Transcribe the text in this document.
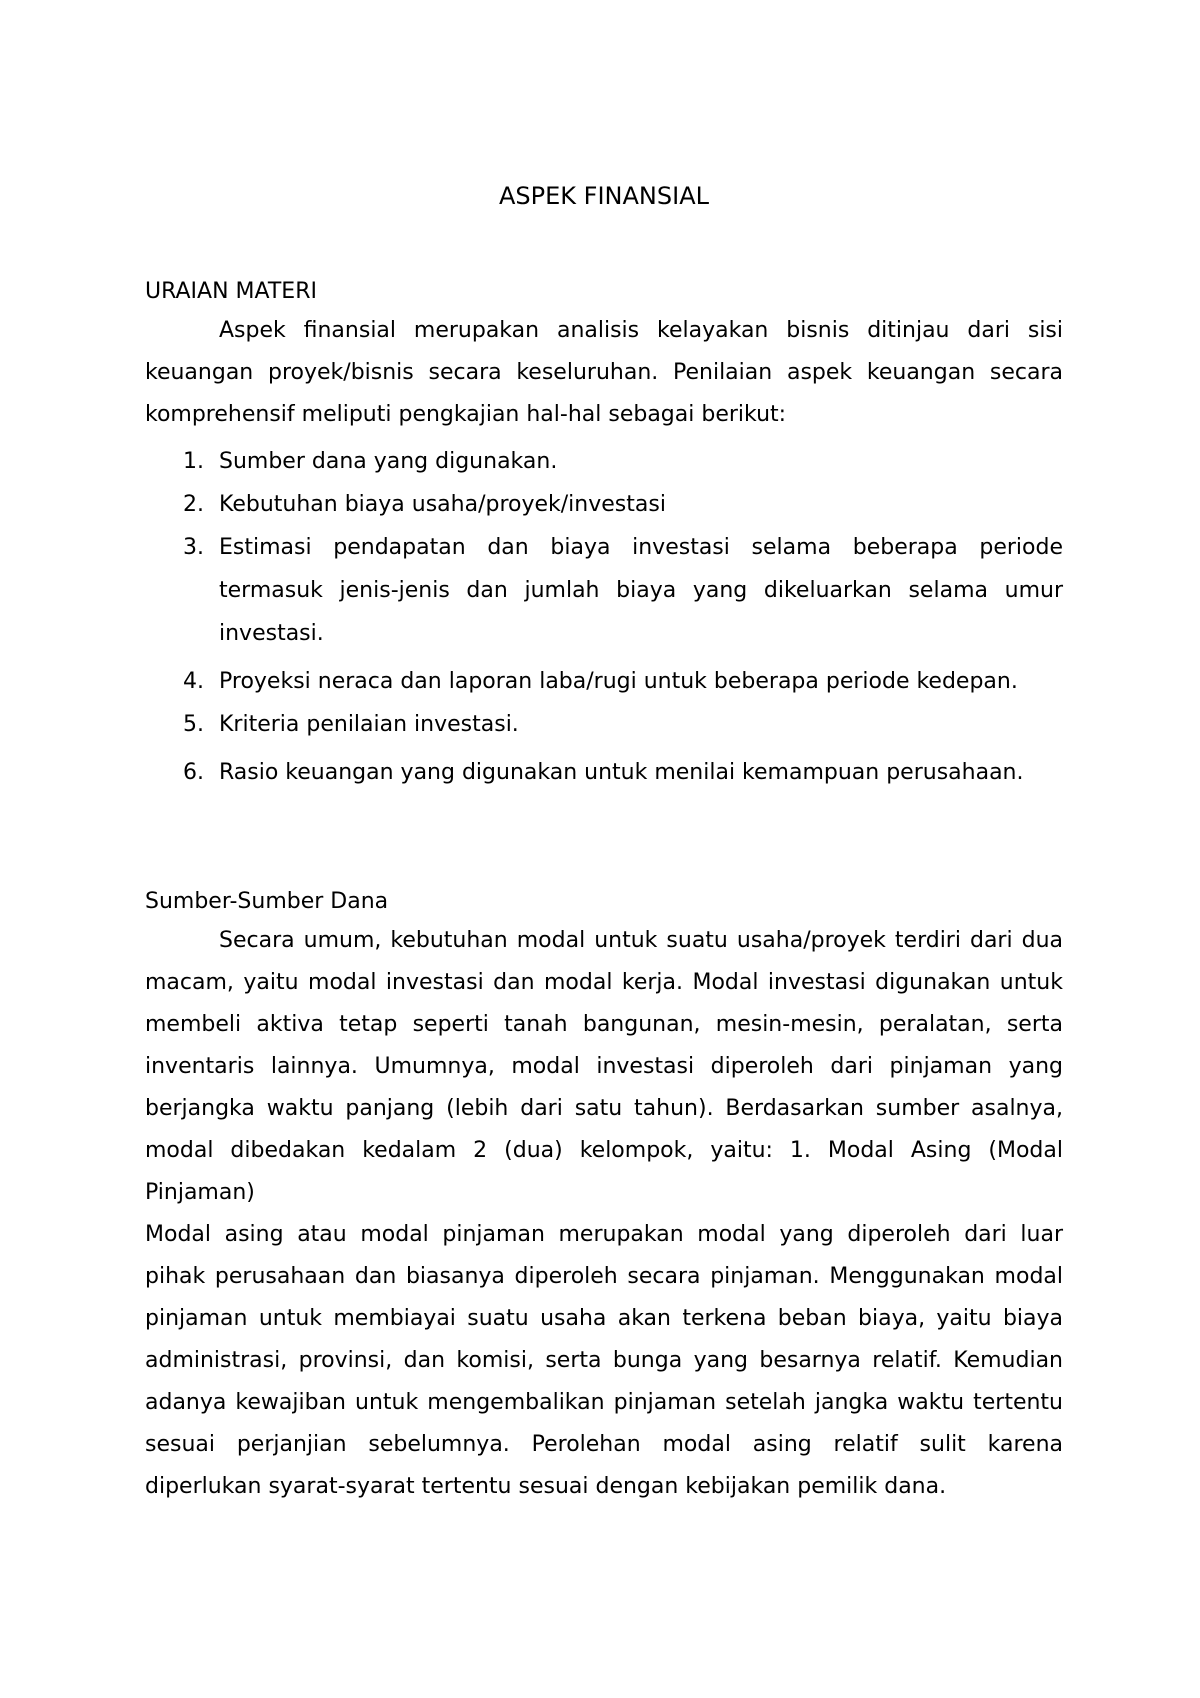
ASPEK FINANSIAL
URAIAN MATERI

Aspek finansial merupakan analisis kelayakan bisnis ditinjau dari sisi keuangan proyek/bisnis secara keseluruhan. Penilaian aspek keuangan secara komprehensif meliputi pengkajian hal-hal sebagai berikut:

1. Sumber dana yang digunakan.
2. Kebutuhan biaya usaha/proyek/investasi
3. Estimasi pendapatan dan biaya investasi selama beberapa periode termasuk jenis-jenis dan jumlah biaya yang dikeluarkan selama umur investasi.
4. Proyeksi neraca dan laporan laba/rugi untuk beberapa periode kedepan.
5. Kriteria penilaian investasi.
6. Rasio keuangan yang digunakan untuk menilai kemampuan perusahaan.
Sumber-Sumber Dana

Secara umum, kebutuhan modal untuk suatu usaha/proyek terdiri dari dua macam, yaitu modal investasi dan modal kerja. Modal investasi digunakan untuk membeli aktiva tetap seperti tanah bangunan, mesin-mesin, peralatan, serta inventaris lainnya. Umumnya, modal investasi diperoleh dari pinjaman yang berjangka waktu panjang (lebih dari satu tahun). Berdasarkan sumber asalnya, modal dibedakan kedalam 2 (dua) kelompok, yaitu: 1. Modal Asing (Modal Pinjaman)

Modal asing atau modal pinjaman merupakan modal yang diperoleh dari luar pihak perusahaan dan biasanya diperoleh secara pinjaman. Menggunakan modal pinjaman untuk membiayai suatu usaha akan terkena beban biaya, yaitu biaya administrasi, provinsi, dan komisi, serta bunga yang besarnya relatif. Kemudian adanya kewajiban untuk mengembalikan pinjaman setelah jangka waktu tertentu sesuai perjanjian sebelumnya. Perolehan modal asing relatif sulit karena diperlukan syarat-syarat tertentu sesuai dengan kebijakan pemilik dana.
